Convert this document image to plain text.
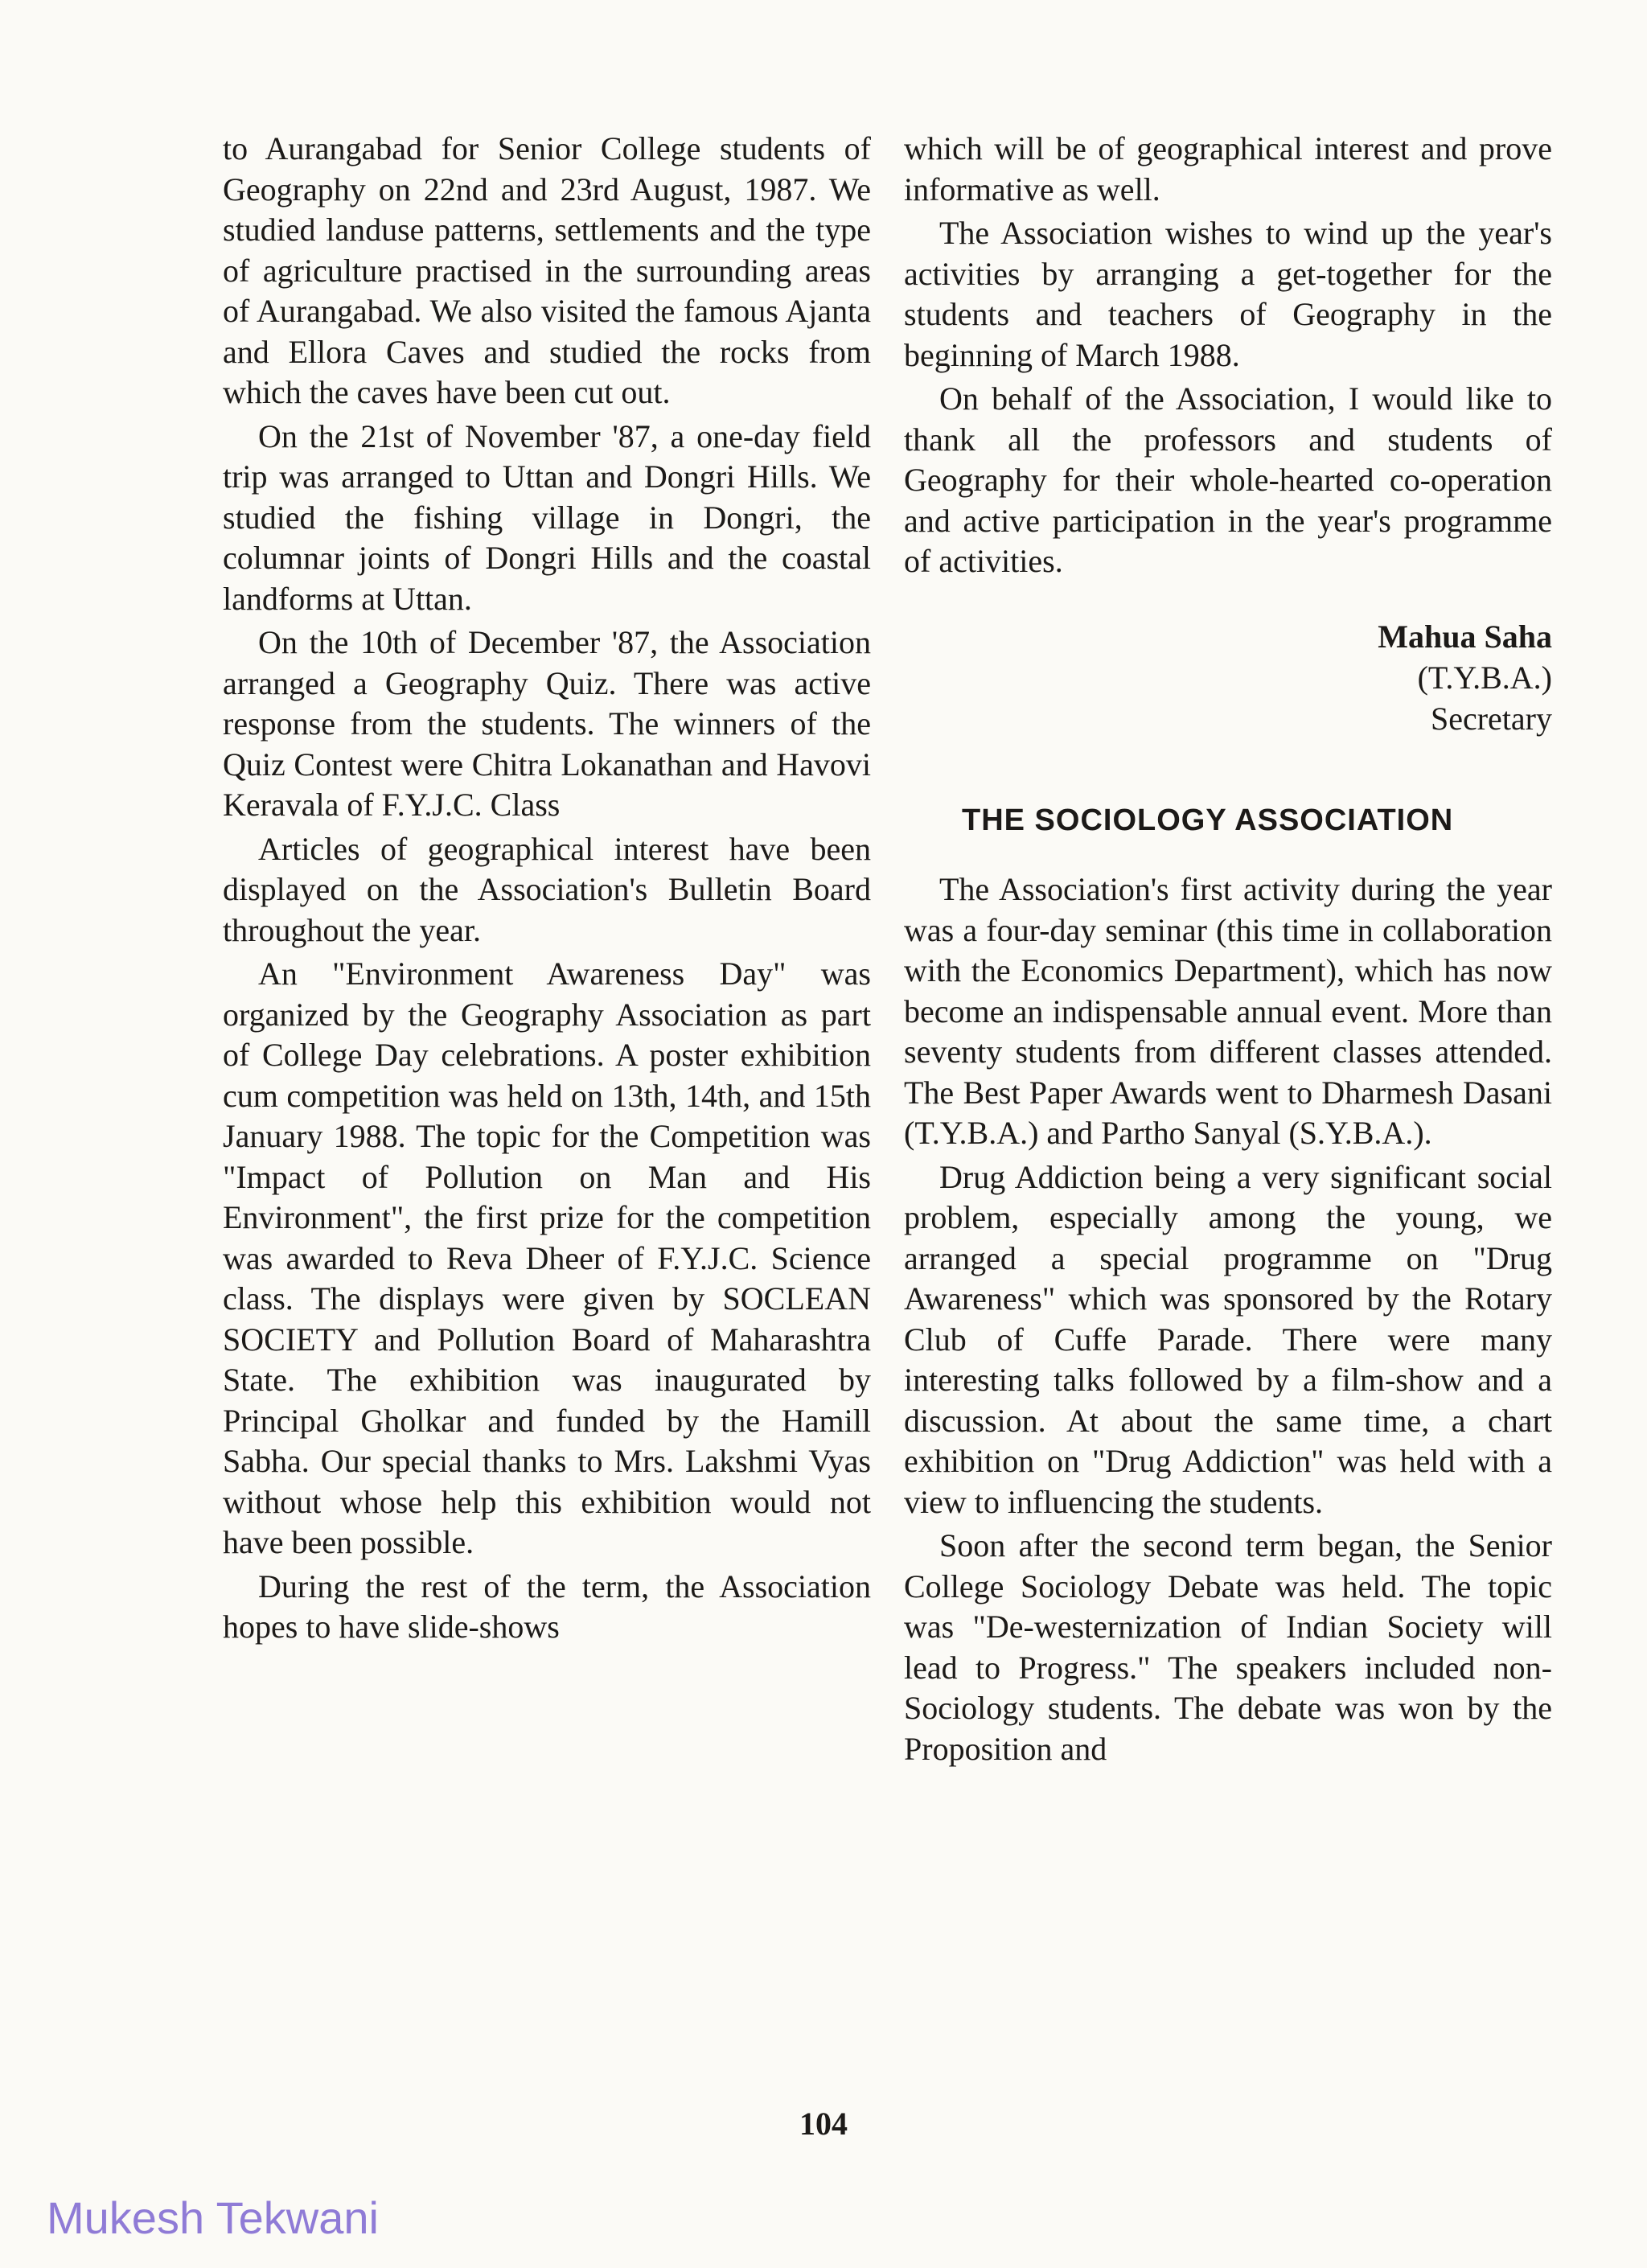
to Aurangabad for Senior College students of Geography on 22nd and 23rd August, 1987. We studied landuse patterns, settlements and the type of agriculture practised in the surrounding areas of Aurangabad. We also visited the famous Ajanta and Ellora Caves and studied the rocks from which the caves have been cut out.

On the 21st of November '87, a one-day field trip was arranged to Uttan and Dongri Hills. We studied the fishing village in Dongri, the columnar joints of Dongri Hills and the coastal landforms at Uttan.

On the 10th of December '87, the Association arranged a Geography Quiz. There was active response from the students. The winners of the Quiz Contest were Chitra Lokanathan and Havovi Keravala of F.Y.J.C. Class

Articles of geographical interest have been displayed on the Association's Bulletin Board throughout the year.

An "Environment Awareness Day" was organized by the Geography Association as part of College Day celebrations. A poster exhibition cum competition was held on 13th, 14th, and 15th January 1988. The topic for the Competition was "Impact of Pollution on Man and His Environment", the first prize for the competition was awarded to Reva Dheer of F.Y.J.C. Science class. The displays were given by SOCLEAN SOCIETY and Pollution Board of Maharashtra State. The exhibition was inaugurated by Principal Gholkar and funded by the Hamill Sabha. Our special thanks to Mrs. Lakshmi Vyas without whose help this exhibition would not have been possible.

During the rest of the term, the Association hopes to have slide-shows

which will be of geographical interest and prove informative as well.

The Association wishes to wind up the year's activities by arranging a get-together for the students and teachers of Geography in the beginning of March 1988.

On behalf of the Association, I would like to thank all the professors and students of Geography for their whole-hearted co-operation and active participation in the year's programme of activities.

Mahua Saha
(T.Y.B.A.)
Secretary
THE SOCIOLOGY ASSOCIATION

The Association's first activity during the year was a four-day seminar (this time in collaboration with the Economics Department), which has now become an indispensable annual event. More than seventy students from different classes attended. The Best Paper Awards went to Dharmesh Dasani (T.Y.B.A.) and Partho Sanyal (S.Y.B.A.).

Drug Addiction being a very significant social problem, especially among the young, we arranged a special programme on "Drug Awareness" which was sponsored by the Rotary Club of Cuffe Parade. There were many interesting talks followed by a film-show and a discussion. At about the same time, a chart exhibition on "Drug Addiction" was held with a view to influencing the students.

Soon after the second term began, the Senior College Sociology Debate was held. The topic was "De-westernization of Indian Society will lead to Progress." The speakers included non-Sociology students. The debate was won by the Proposition and

104
Mukesh Tekwani
